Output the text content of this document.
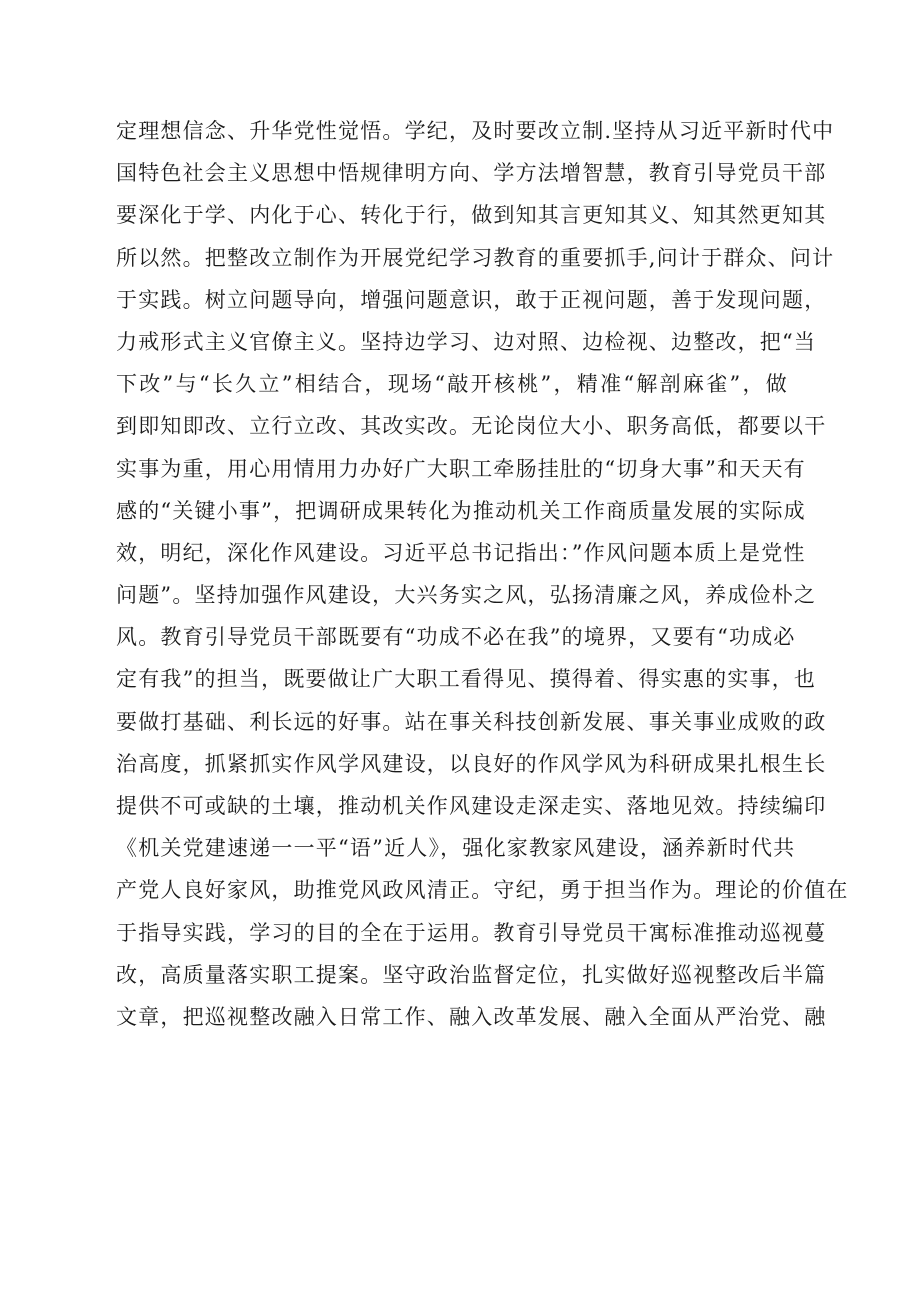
定理想信念、升华党性觉悟。学纪，及时要改立制.坚持从习近平新时代中
国特色社会主义思想中悟规律明方向、学方法增智慧，教育引导党员干部
要深化于学、内化于心、转化于行，做到知其言更知其义、知其然更知其
所以然。把整改立制作为开展党纪学习教育的重要抓手,问计于群众、问计
于实践。树立问题导向，增强问题意识，敢于正视问题，善于发现问题，
力戒形式主义官僚主义。坚持边学习、边对照、边检视、边整改，把“当
下改”与“长久立”相结合，现场“敲开核桃”，精准“解剖麻雀”，做
到即知即改、立行立改、其改实改。无论岗位大小、职务高低，都要以干
实事为重，用心用情用力办好广大职工牵肠挂肚的“切身大事”和天天有
感的“关键小事”，把调研成果转化为推动机关工作商质量发展的实际成
效，明纪，深化作风建设。习近平总书记指出：”作风问题本质上是党性
问题”。坚持加强作风建设，大兴务实之风，弘扬清廉之风，养成俭朴之
风。教育引导党员干部既要有“功成不必在我”的境界，又要有“功成必
定有我”的担当，既要做让广大职工看得见、摸得着、得实惠的实事，也
要做打基础、利长远的好事。站在事关科技创新发展、事关事业成败的政
治高度，抓紧抓实作风学风建设，以良好的作风学风为科研成果扎根生长
提供不可或缺的土壤，推动机关作风建设走深走实、落地见效。持续编印
《机关党建速递一一平“语”近人》，强化家教家风建设，涵养新时代共
产党人良好家风，助推党风政风清正。守纪，勇于担当作为。理论的价值在
于指导实践，学习的目的全在于运用。教育引导党员干寓标准推动巡视蔓
改，高质量落实职工提案。坚守政治监督定位，扎实做好巡视整改后半篇
文章，把巡视整改融入日常工作、融入改革发展、融入全面从严治党、融
